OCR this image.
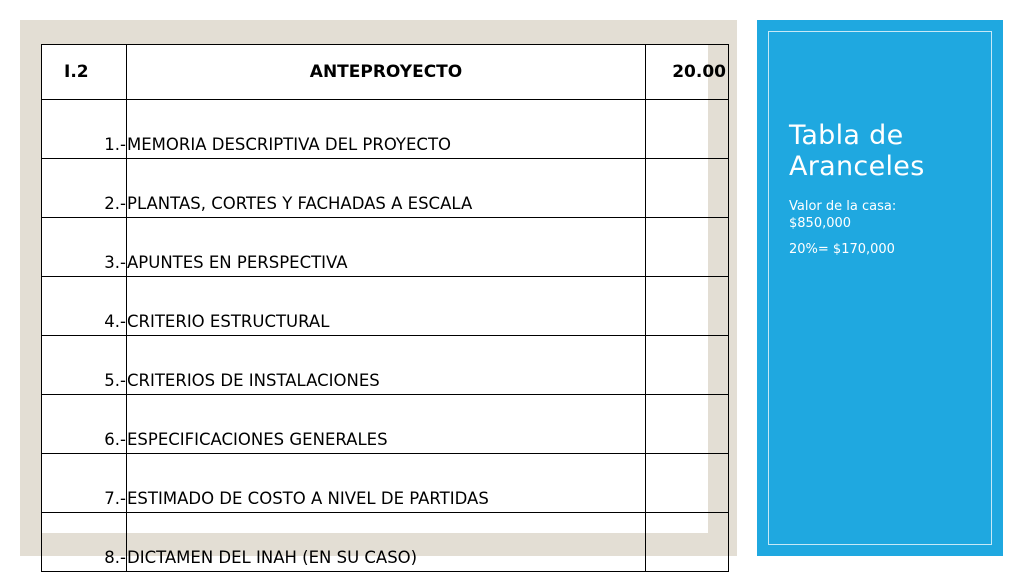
I.2	ANTEPROYECTO	20.00
1.-	MEMORIA DESCRIPTIVA DEL PROYECTO	
2.-	PLANTAS, CORTES Y FACHADAS A ESCALA	
3.-	APUNTES EN PERSPECTIVA	
4.-	CRITERIO ESTRUCTURAL	
5.-	CRITERIOS DE INSTALACIONES	
6.-	ESPECIFICACIONES GENERALES	
7.-	ESTIMADO DE COSTO A NIVEL DE PARTIDAS	
8.-	DICTAMEN DEL INAH (EN SU CASO)	
Tabla de
Aranceles

Valor de la casa:
$850,000

20%= $170,000
